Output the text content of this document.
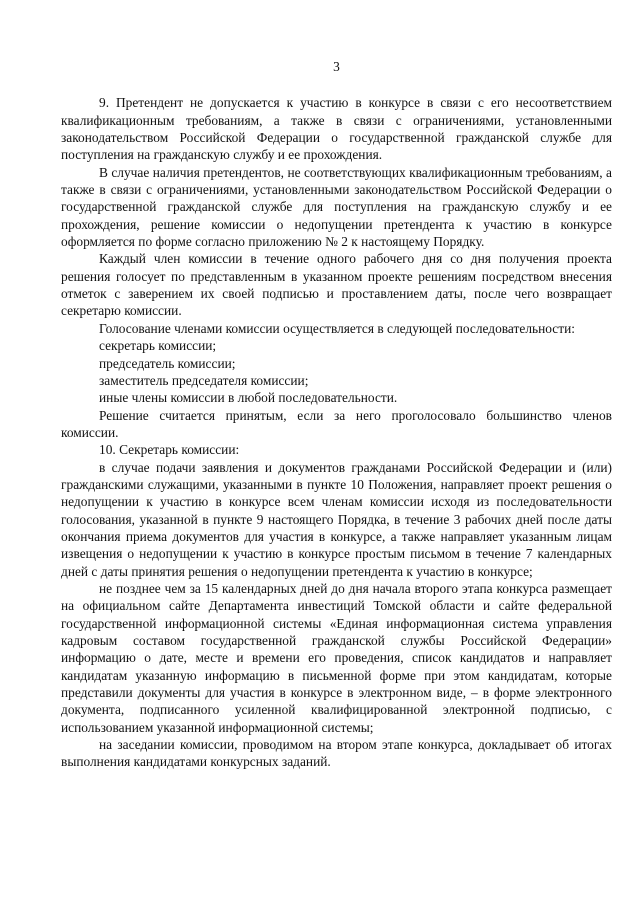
3

9. Претендент не допускается к участию в конкурсе в связи с его несоответствием квалификационным требованиям, а также в связи с ограничениями, установленными законодательством Российской Федерации о государственной гражданской службе для поступления на гражданскую службу и ее прохождения.

В случае наличия претендентов, не соответствующих квалификационным требованиям, а также в связи с ограничениями, установленными законодательством Российской Федерации о государственной гражданской службе для поступления на гражданскую службу и ее прохождения, решение комиссии о недопущении претендента к участию в конкурсе оформляется по форме согласно приложению № 2 к настоящему Порядку.

Каждый член комиссии в течение одного рабочего дня со дня получения проекта решения голосует по представленным в указанном проекте решениям посредством внесения отметок с заверением их своей подписью и проставлением даты, после чего возвращает секретарю комиссии.

Голосование членами комиссии осуществляется в следующей последовательности:

секретарь комиссии;

председатель комиссии;

заместитель председателя комиссии;

иные члены комиссии в любой последовательности.

Решение считается принятым, если за него проголосовало большинство членов комиссии.

10. Секретарь комиссии:

в случае подачи заявления и документов гражданами Российской Федерации и (или) гражданскими служащими, указанными в пункте 10 Положения, направляет проект решения о недопущении к участию в конкурсе всем членам комиссии исходя из последовательности голосования, указанной в пункте 9 настоящего Порядка, в течение 3 рабочих дней после даты окончания приема документов для участия в конкурсе, а также направляет указанным лицам извещения о недопущении к участию в конкурсе простым письмом в течение 7 календарных дней с даты принятия решения о недопущении претендента к участию в конкурсе;

не позднее чем за 15 календарных дней до дня начала второго этапа конкурса размещает на официальном сайте Департамента инвестиций Томской области и сайте федеральной государственной информационной системы «Единая информационная система управления кадровым составом государственной гражданской службы Российской Федерации» информацию о дате, месте и времени его проведения, список кандидатов и направляет кандидатам указанную информацию в письменной форме при этом кандидатам, которые представили документы для участия в конкурсе в электронном виде, – в форме электронного документа, подписанного усиленной квалифицированной электронной подписью, с использованием указанной информационной системы;

на заседании комиссии, проводимом на втором этапе конкурса, докладывает об итогах выполнения кандидатами конкурсных заданий.
